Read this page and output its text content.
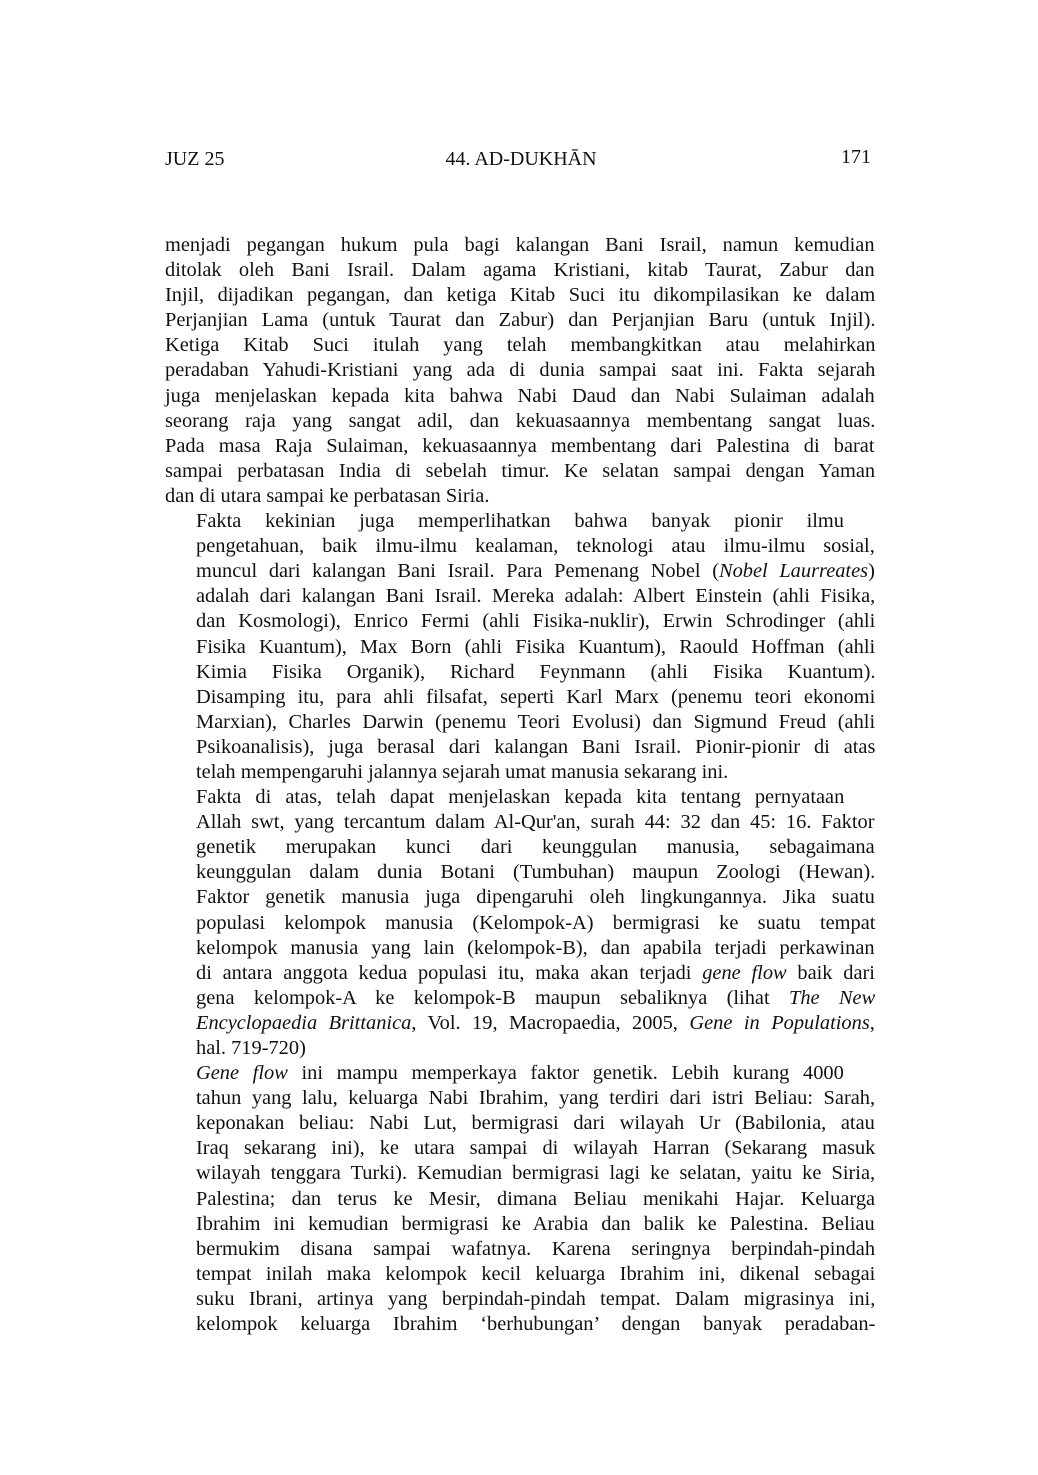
JUZ 25	44. AD-DUKHĀN	171

menjadi pegangan hukum pula bagi kalangan Bani Israil, namun kemudian
ditolak oleh Bani Israil. Dalam agama Kristiani, kitab Taurat, Zabur dan
Injil, dijadikan pegangan, dan ketiga Kitab Suci itu dikompilasikan ke dalam
Perjanjian Lama (untuk Taurat dan Zabur) dan Perjanjian Baru (untuk Injil).
Ketiga Kitab Suci itulah yang telah membangkitkan atau melahirkan
peradaban Yahudi-Kristiani yang ada di dunia sampai saat ini. Fakta sejarah
juga menjelaskan kepada kita bahwa Nabi Daud dan Nabi Sulaiman adalah
seorang raja yang sangat adil, dan kekuasaannya membentang sangat luas.
Pada masa Raja Sulaiman, kekuasaannya membentang dari Palestina di barat
sampai perbatasan India di sebelah timur. Ke selatan sampai dengan Yaman
dan di utara sampai ke perbatasan Siria.

Fakta kekinian juga memperlihatkan bahwa banyak pionir ilmu
pengetahuan, baik ilmu-ilmu kealaman, teknologi atau ilmu-ilmu sosial,
muncul dari kalangan Bani Israil. Para Pemenang Nobel (Nobel Laurreates)
adalah dari kalangan Bani Israil. Mereka adalah: Albert Einstein (ahli Fisika,
dan Kosmologi), Enrico Fermi (ahli Fisika-nuklir), Erwin Schrodinger (ahli
Fisika Kuantum), Max Born (ahli Fisika Kuantum), Raould Hoffman (ahli
Kimia Fisika Organik), Richard Feynmann (ahli Fisika Kuantum).
Disamping itu, para ahli filsafat, seperti Karl Marx (penemu teori ekonomi
Marxian), Charles Darwin (penemu Teori Evolusi) dan Sigmund Freud (ahli
Psikoanalisis), juga berasal dari kalangan Bani Israil. Pionir-pionir di atas
telah mempengaruhi jalannya sejarah umat manusia sekarang ini.

Fakta di atas, telah dapat menjelaskan kepada kita tentang pernyataan
Allah swt, yang tercantum dalam Al-Qur'an, surah 44: 32 dan 45: 16. Faktor
genetik merupakan kunci dari keunggulan manusia, sebagaimana
keunggulan dalam dunia Botani (Tumbuhan) maupun Zoologi (Hewan).
Faktor genetik manusia juga dipengaruhi oleh lingkungannya. Jika suatu
populasi kelompok manusia (Kelompok-A) bermigrasi ke suatu tempat
kelompok manusia yang lain (kelompok-B), dan apabila terjadi perkawinan
di antara anggota kedua populasi itu, maka akan terjadi gene flow baik dari
gena kelompok-A ke kelompok-B maupun sebaliknya (lihat The New
Encyclopaedia Brittanica, Vol. 19, Macropaedia, 2005, Gene in Populations,
hal. 719-720)

Gene flow ini mampu memperkaya faktor genetik. Lebih kurang 4000
tahun yang lalu, keluarga Nabi Ibrahim, yang terdiri dari istri Beliau: Sarah,
keponakan beliau: Nabi Lut, bermigrasi dari wilayah Ur (Babilonia, atau
Iraq sekarang ini), ke utara sampai di wilayah Harran (Sekarang masuk
wilayah tenggara Turki). Kemudian bermigrasi lagi ke selatan, yaitu ke Siria,
Palestina; dan terus ke Mesir, dimana Beliau menikahi Hajar. Keluarga
Ibrahim ini kemudian bermigrasi ke Arabia dan balik ke Palestina. Beliau
bermukim disana sampai wafatnya. Karena seringnya berpindah-pindah
tempat inilah maka kelompok kecil keluarga Ibrahim ini, dikenal sebagai
suku Ibrani, artinya yang berpindah-pindah tempat. Dalam migrasinya ini,
kelompok keluarga Ibrahim ‘berhubungan’ dengan banyak peradaban-
